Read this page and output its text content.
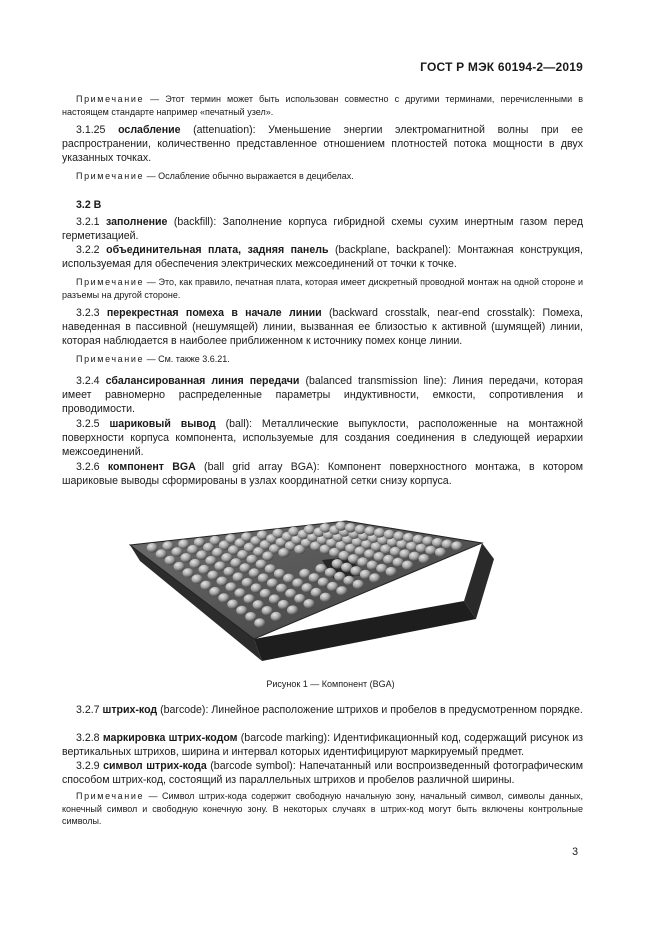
ГОСТ Р МЭК 60194-2—2019

Примечание — Этот термин может быть использован совместно с другими терминами, перечисленными в настоящем стандарте например «печатный узел».

3.1.25 ослабление (attenuation): Уменьшение энергии электромагнитной волны при ее распространении, количественно представленное отношением плотностей потока мощности в двух указанных точках.

Примечание — Ослабление обычно выражается в децибелах.

3.2 В

3.2.1 заполнение (backfill): Заполнение корпуса гибридной схемы сухим инертным газом перед герметизацией.

3.2.2 объединительная плата, задняя панель (backplane, backpanel): Монтажная конструкция, используемая для обеспечения электрических межсоединений от точки к точке.

Примечание — Это, как правило, печатная плата, которая имеет дискретный проводной монтаж на одной стороне и разъемы на другой стороне.

3.2.3 перекрестная помеха в начале линии (backward crosstalk, near-end crosstalk): Помеха, наведенная в пассивной (нешумящей) линии, вызванная ее близостью к активной (шумящей) линии, которая наблюдается в наиболее приближенном к источнику помех конце линии.

Примечание — См. также 3.6.21.

3.2.4 сбалансированная линия передачи (balanced transmission line): Линия передачи, которая имеет равномерно распределенные параметры индуктивности, емкости, сопротивления и проводимости.

3.2.5 шариковый вывод (ball): Металлические выпуклости, расположенные на монтажной поверхности корпуса компонента, используемые для создания соединения в следующей иерархии межсоединений.

3.2.6 компонент BGA (ball grid array BGA): Компонент поверхностного монтажа, в котором шариковые выводы сформированы в узлах координатной сетки снизу корпуса.

Рисунок 1 — Компонент (BGA)

3.2.7 штрих-код (barcode): Линейное расположение штрихов и пробелов в предусмотренном порядке.

3.2.8 маркировка штрих-кодом (barcode marking): Идентификационный код, содержащий рисунок из вертикальных штрихов, ширина и интервал которых идентифицируют маркируемый предмет.

3.2.9 символ штрих-кода (barcode symbol): Напечатанный или воспроизведенный фотографическим способом штрих-код, состоящий из параллельных штрихов и пробелов различной ширины.

Примечание — Символ штрих-кода содержит свободную начальную зону, начальный символ, символы данных, конечный символ и свободную конечную зону. В некоторых случаях в штрих-код могут быть включены контрольные символы.

3
